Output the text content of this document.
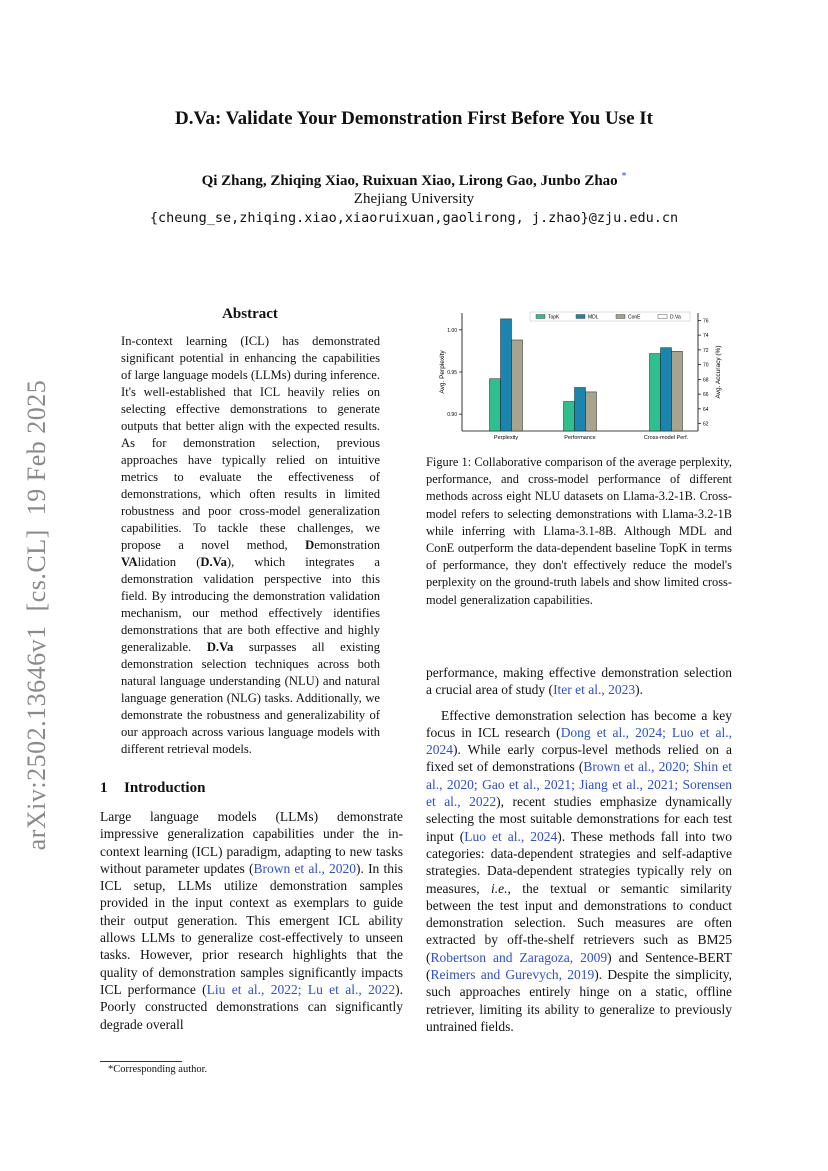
D.Va: Validate Your Demonstration First Before You Use It
Qi Zhang, Zhiqing Xiao, Ruixuan Xiao, Lirong Gao, Junbo Zhao *
Zhejiang University
{cheung_se,zhiqing.xiao,xiaoruixuan,gaolirong, j.zhao}@zju.edu.cn
arXiv:2502.13646v1  [cs.CL]  19 Feb 2025
Abstract
In-context learning (ICL) has demonstrated significant potential in enhancing the capabilities of large language models (LLMs) during inference. It's well-established that ICL heavily relies on selecting effective demonstrations to generate outputs that better align with the expected results. As for demonstration selection, previous approaches have typically relied on intuitive metrics to evaluate the effectiveness of demonstrations, which often results in limited robustness and poor cross-model generalization capabilities. To tackle these challenges, we propose a novel method, Demonstration VAlidation (D.Va), which integrates a demonstration validation perspective into this field. By introducing the demonstration validation mechanism, our method effectively identifies demonstrations that are both effective and highly generalizable. D.Va surpasses all existing demonstration selection techniques across both natural language understanding (NLU) and natural language generation (NLG) tasks. Additionally, we demonstrate the robustness and generalizability of our approach across various language models with different retrieval models.
1 Introduction
Large language models (LLMs) demonstrate impressive generalization capabilities under the in-context learning (ICL) paradigm, adapting to new tasks without parameter updates (Brown et al., 2020). In this ICL setup, LLMs utilize demonstration samples provided in the input context as exemplars to guide their output generation. This emergent ICL ability allows LLMs to generalize cost-effectively to unseen tasks. However, prior research highlights that the quality of demonstration samples significantly impacts ICL performance (Liu et al., 2022; Lu et al., 2022). Poorly constructed demonstrations can significantly degrade overall
*Corresponding author.
1.00
0.95
0.90
76
74
72
70
68
66
64
62
Avg. Perplexity	Avg. Accuracy (%)
TopK	MDL	ConE	D.Va
Perplexity	Performance	Cross-model Perf.
Figure 1: Collaborative comparison of the average perplexity, performance, and cross-model performance of different methods across eight NLU datasets on Llama-3.2-1B. Cross-model refers to selecting demonstrations with Llama-3.2-1B while inferring with Llama-3.1-8B. Although MDL and ConE outperform the data-dependent baseline TopK in terms of performance, they don't effectively reduce the model's perplexity on the ground-truth labels and show limited cross-model generalization capabilities.

performance, making effective demonstration selection a crucial area of study (Iter et al., 2023).

Effective demonstration selection has become a key focus in ICL research (Dong et al., 2024; Luo et al., 2024). While early corpus-level methods relied on a fixed set of demonstrations (Brown et al., 2020; Shin et al., 2020; Gao et al., 2021; Jiang et al., 2021; Sorensen et al., 2022), recent studies emphasize dynamically selecting the most suitable demonstrations for each test input (Luo et al., 2024). These methods fall into two categories: data-dependent strategies and self-adaptive strategies. Data-dependent strategies typically rely on measures, i.e., the textual or semantic similarity between the test input and demonstrations to conduct demonstration selection. Such measures are often extracted by off-the-shelf retrievers such as BM25 (Robertson and Zaragoza, 2009) and Sentence-BERT (Reimers and Gurevych, 2019). Despite the simplicity, such approaches entirely hinge on a static, offline retriever, limiting its ability to generalize to previously untrained fields.
